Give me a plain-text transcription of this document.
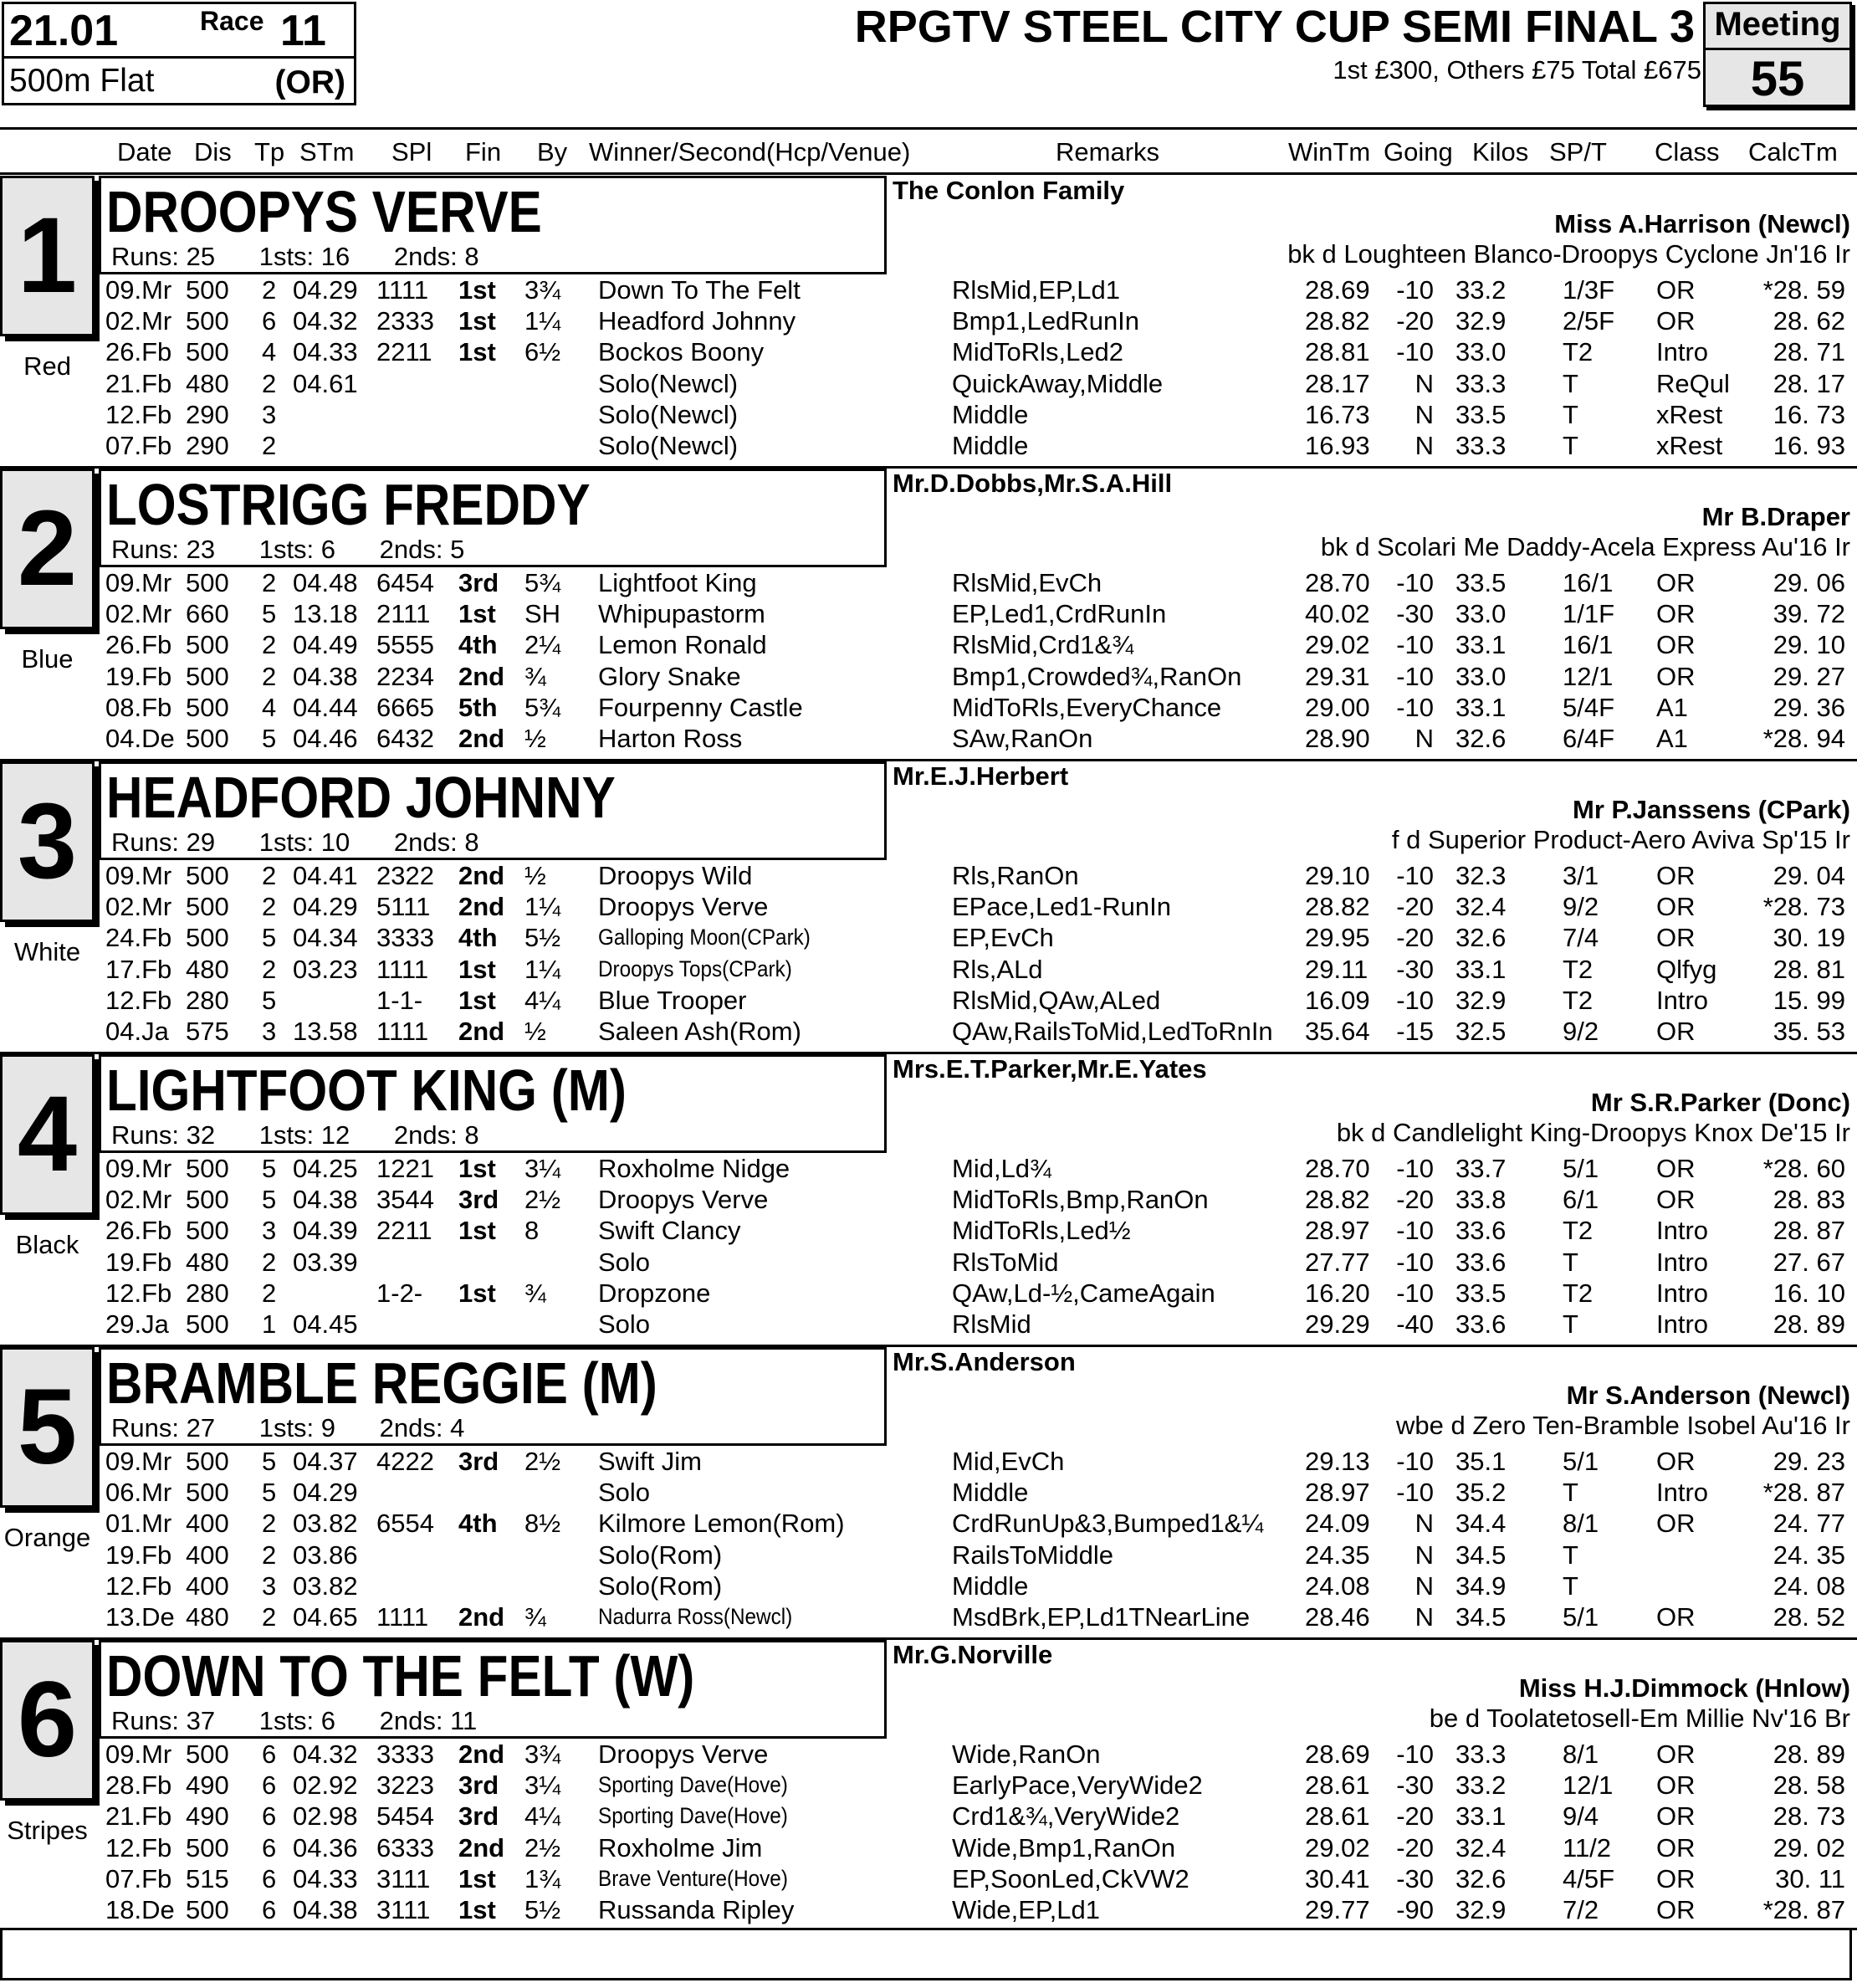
21.01	Race 11
500m Flat	(OR)
RPGTV STEEL CITY CUP SEMI FINAL 3
1st £300, Others £75 Total £675
Meeting
55
Date Dis Tp STm SPl Fin By Winner/Second(Hcp/Venue)	Remarks	WinTm Going Kilos SP/T Class CalcTm
1
Red
DROOPYS VERVE
Runs: 25 1sts: 16 2nds: 8
The Conlon Family
Miss A.Harrison (Newcl)
bk d Loughteen Blanco-Droopys Cyclone Jn'16 Ir
09.Mr 500 2 04.29 1111 1st 3¾ Down To The Felt	RlsMid,EP,Ld1	28.69 -10 33.2 1/3F OR	*28. 59
02.Mr 500 6 04.32 2333 1st 1¼ Headford Johnny	Bmp1,LedRunIn	28.82 -20 32.9 2/5F OR	28. 62
26.Fb 500 4 04.33 2211 1st 6½ Bockos Boony	MidToRls,Led2	28.81 -10 33.0 T2 Intro	28. 71
21.Fb 480 2 04.61	Solo(Newcl)	QuickAway,Middle	28.17 N 33.3 T	ReQul 28. 17
12.Fb 290 3	Solo(Newcl)	Middle	16.73 N 33.5 T	xRest 16. 73
07.Fb 290 2	Solo(Newcl)	Middle	16.93 N 33.3 T	xRest 16. 93
2
Blue
LOSTRIGG FREDDY
Runs: 23 1sts: 6 2nds: 5
Mr.D.Dobbs,Mr.S.A.Hill
Mr B.Draper
bk d Scolari Me Daddy-Acela Express Au'16 Ir
09.Mr 500 2 04.48 6454 3rd 5¾ Lightfoot King	RlsMid,EvCh	28.70 -10 33.5 16/1 OR	29. 06
02.Mr 660 5 13.18 2111 1st SH Whipupastorm	EP,Led1,CrdRunIn	40.02 -30 33.0 1/1F OR	39. 72
26.Fb 500 2 04.49 5555 4th 2¼ Lemon Ronald	RlsMid,Crd1&¾	29.02 -10 33.1 16/1 OR	29. 10
19.Fb 500 2 04.38 2234 2nd ¾ Glory Snake	Bmp1,Crowded¾,RanOn 29.31 -10 33.0 12/1 OR	29. 27
08.Fb 500 4 04.44 6665 5th 5¾ Fourpenny Castle	MidToRls,EveryChance	29.00 -10 33.1 5/4F A1	29. 36
04.De 500 5 04.46 6432 2nd ½ Harton Ross	SAw,RanOn	28.90 N 32.6 6/4F A1	*28. 94
3
White
HEADFORD JOHNNY
Runs: 29 1sts: 10 2nds: 8
Mr.E.J.Herbert
Mr P.Janssens (CPark)
f d Superior Product-Aero Aviva Sp'15 Ir
09.Mr 500 2 04.41 2322 2nd ½ Droopys Wild	Rls,RanOn	29.10 -10 32.3 3/1 OR	29. 04
02.Mr 500 2 04.29 5111 2nd 1¼ Droopys Verve	EPace,Led1-RunIn	28.82 -20 32.4 9/2 OR	*28. 73
24.Fb 500 5 04.34 3333 4th 5½ Galloping Moon(CPark)	EP,EvCh	29.95 -20 32.6 7/4 OR	30. 19
17.Fb 480 2 03.23 1111 1st 1¼ Droopys Tops(CPark)	Rls,ALd	29.11 -30 33.1 T2 Qlfyg 28. 81
12.Fb 280 5	1-1- 1st 4¼ Blue Trooper	RlsMid,QAw,ALed	16.09 -10 32.9 T2 Intro	15. 99
04.Ja 575 3 13.58 1111 2nd ½ Saleen Ash(Rom)	QAw,RailsToMid,LedToRnIn 35.64 -15 32.5 9/2 OR	35. 53
4
Black
LIGHTFOOT KING (M)
Runs: 32 1sts: 12 2nds: 8
Mrs.E.T.Parker,Mr.E.Yates
Mr S.R.Parker (Donc)
bk d Candlelight King-Droopys Knox De'15 Ir
09.Mr 500 5 04.25 1221 1st 3¼ Roxholme Nidge	Mid,Ld¾	28.70 -10 33.7 5/1 OR	*28. 60
02.Mr 500 5 04.38 3544 3rd 2½ Droopys Verve	MidToRls,Bmp,RanOn	28.82 -20 33.8 6/1 OR	28. 83
26.Fb 500 3 04.39 2211 1st 8 Swift Clancy	MidToRls,Led½	28.97 -10 33.6 T2 Intro	28. 87
19.Fb 480 2 03.39	Solo	RlsToMid	27.77 -10 33.6 T	Intro	27. 67
12.Fb 280 2	1-2- 1st ¾ Dropzone	QAw,Ld-½,CameAgain	16.20 -10 33.5 T2 Intro	16. 10
29.Ja 500 1 04.45	Solo	RlsMid	29.29 -40 33.6 T	Intro	28. 89
5
Orange
BRAMBLE REGGIE (M)
Runs: 27 1sts: 9 2nds: 4
Mr.S.Anderson
Mr S.Anderson (Newcl)
wbe d Zero Ten-Bramble Isobel Au'16 Ir
09.Mr 500 5 04.37 4222 3rd 2½ Swift Jim	Mid,EvCh	29.13 -10 35.1 5/1 OR	29. 23
06.Mr 500 5 04.29	Solo	Middle	28.97 -10 35.2 T	Intro *28. 87
01.Mr 400 2 03.82 6554 4th 8½ Kilmore Lemon(Rom)	CrdRunUp&3,Bumped1&¼ 24.09 N 34.4 8/1 OR	24. 77
19.Fb 400 2 03.86	Solo(Rom)	RailsToMiddle	24.35 N 34.5 T	24. 35
12.Fb 400 3 03.82	Solo(Rom)	Middle	24.08 N 34.9 T	24. 08
13.De 480 2 04.65 1111 2nd ¾ Nadurra Ross(Newcl)	MsdBrk,EP,Ld1TNearLine 28.46 N 34.5 5/1 OR	28. 52
6
Stripes
DOWN TO THE FELT (W)
Runs: 37 1sts: 6 2nds: 11
Mr.G.Norville
Miss H.J.Dimmock (Hnlow)
be d Toolatetosell-Em Millie Nv'16 Br
09.Mr 500 6 04.32 3333 2nd 3¾ Droopys Verve	Wide,RanOn	28.69 -10 33.3 8/1 OR	28. 89
28.Fb 490 6 02.92 3223 3rd 3¼ Sporting Dave(Hove)	EarlyPace,VeryWide2	28.61 -30 33.2 12/1 OR	28. 58
21.Fb 490 6 02.98 5454 3rd 4¼ Sporting Dave(Hove)	Crd1&¾,VeryWide2	28.61 -20 33.1 9/4 OR	28. 73
12.Fb 500 6 04.36 6333 2nd 2½ Roxholme Jim	Wide,Bmp1,RanOn	29.02 -20 32.4 11/2 OR	29. 02
07.Fb 515 6 04.33 3111 1st 1¾ Brave Venture(Hove)	EP,SoonLed,CkVW2	30.41 -30 32.6 4/5F OR	30. 11
18.De 500 6 04.38 3111 1st 5½ Russanda Ripley	Wide,EP,Ld1	29.77 -90 32.9 7/2 OR	*28. 87
